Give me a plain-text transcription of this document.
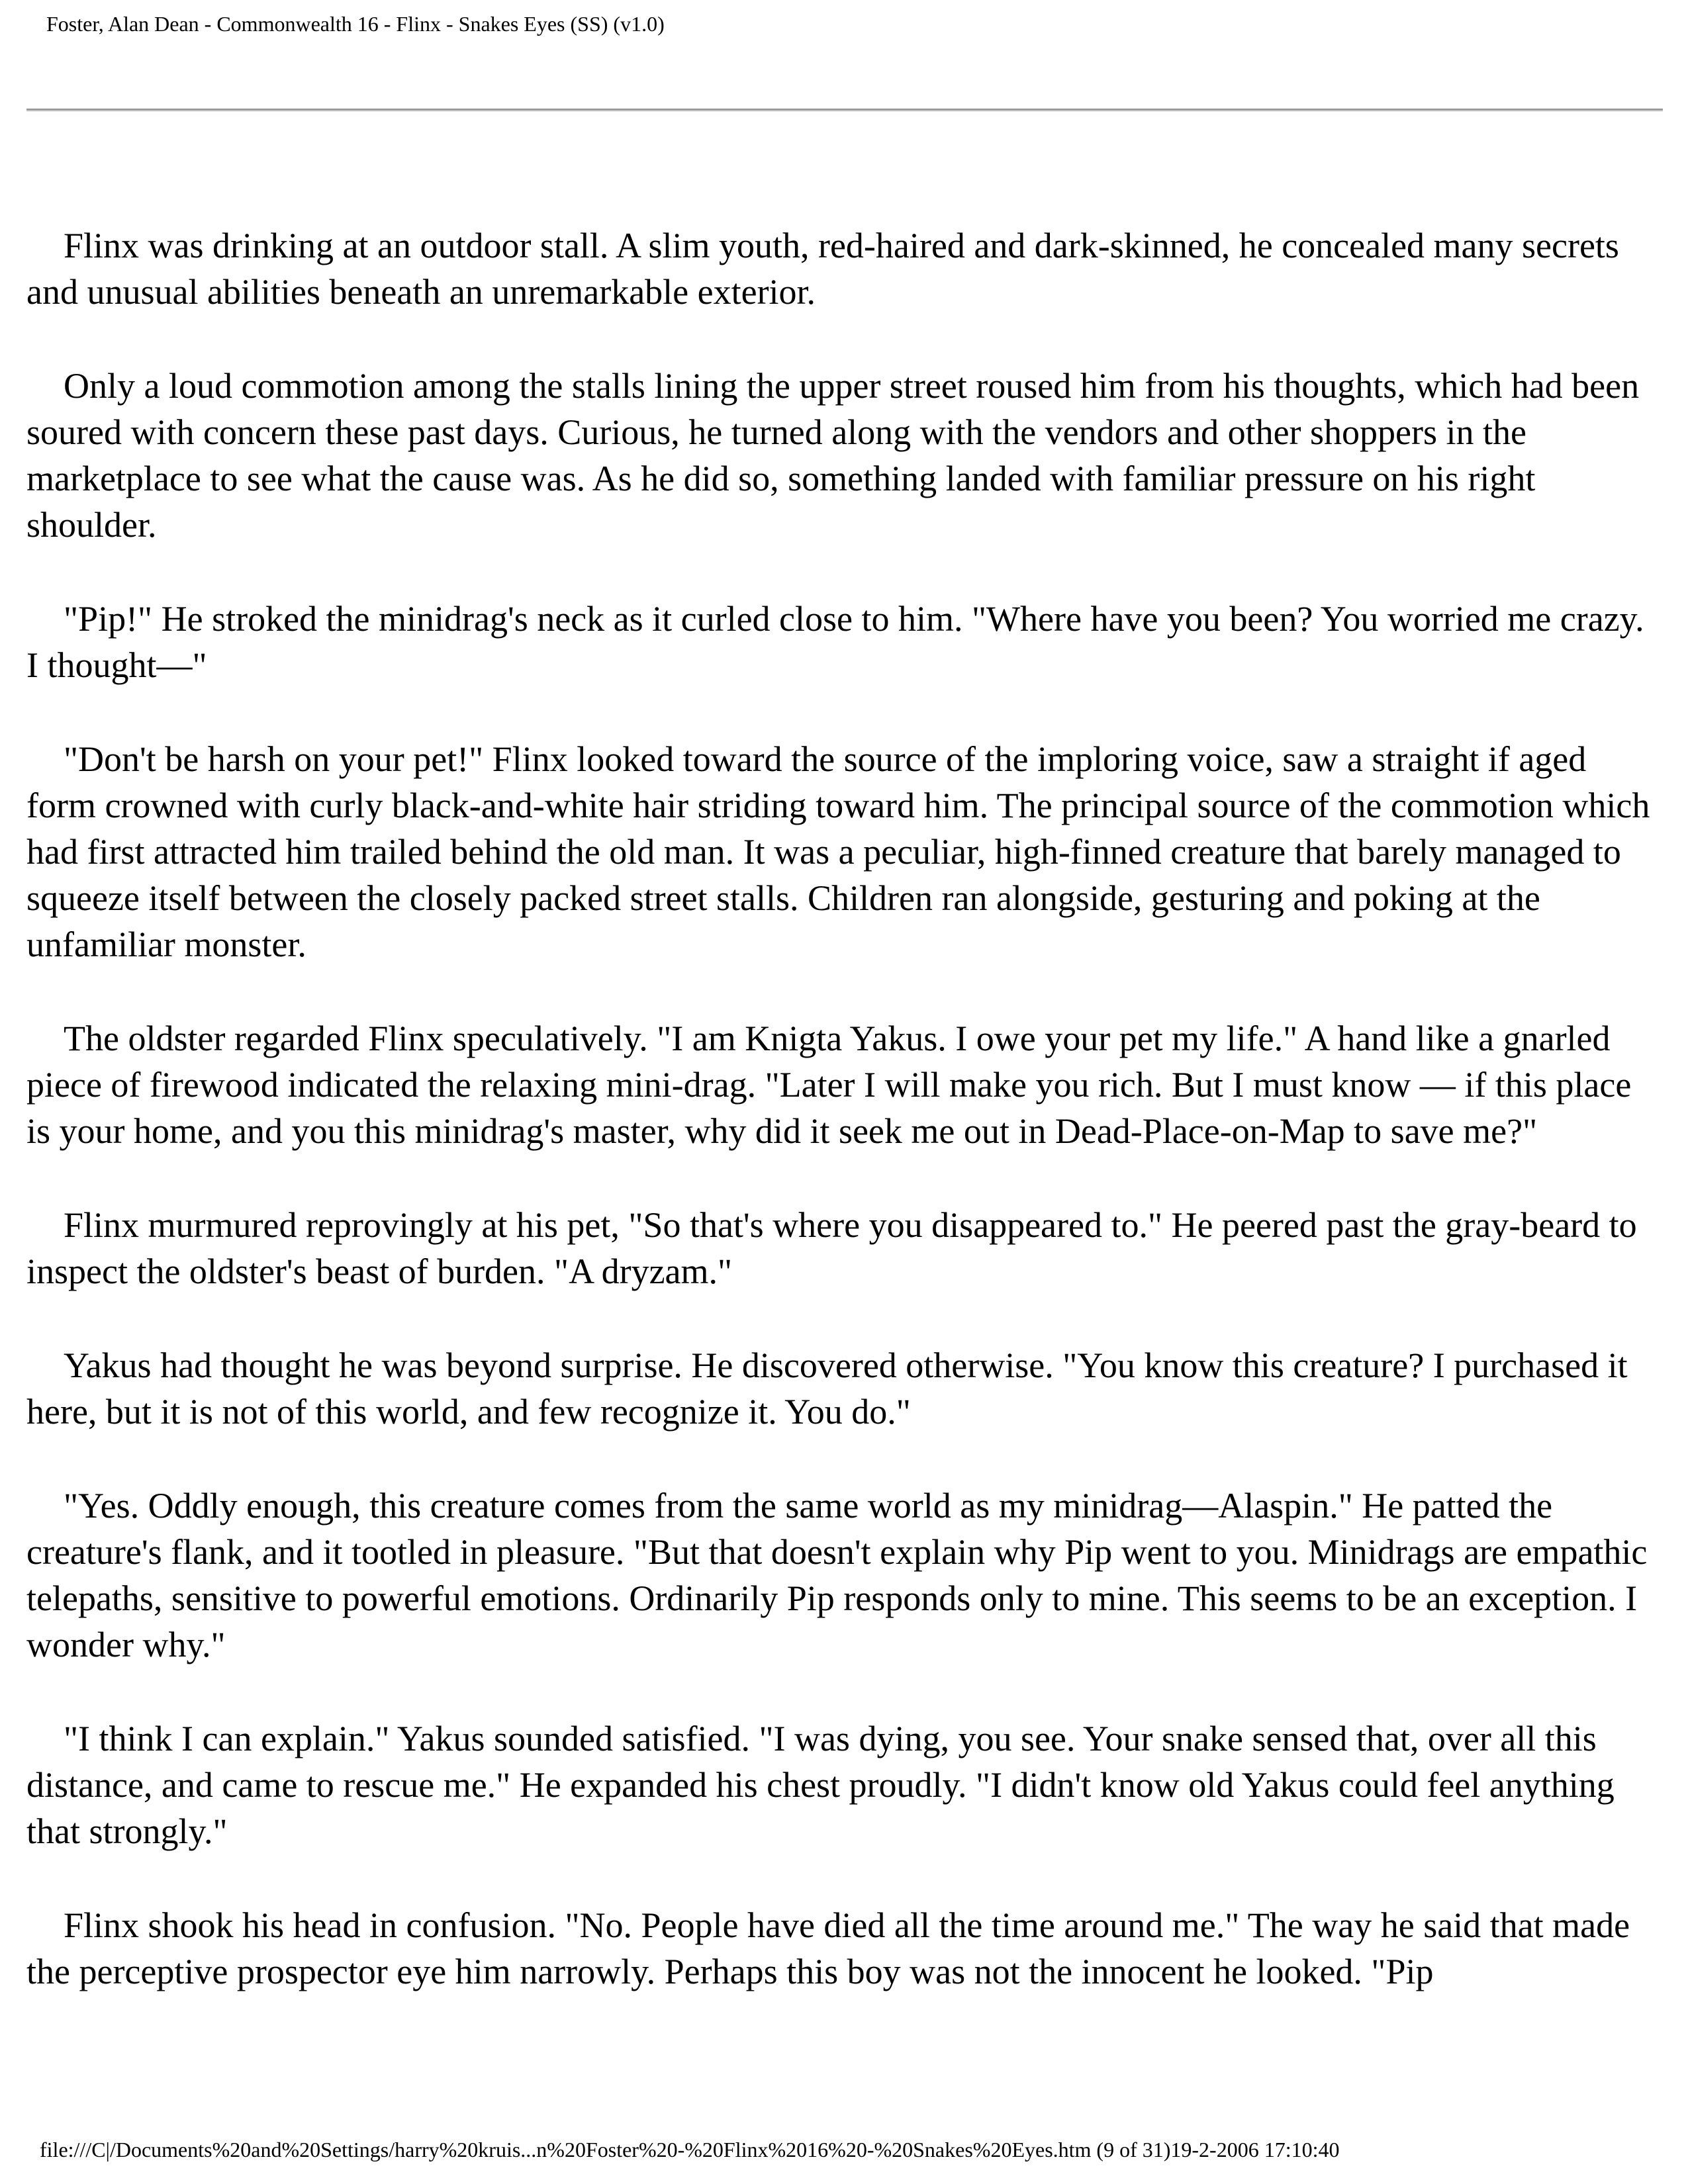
Foster, Alan Dean - Commonwealth 16 - Flinx - Snakes Eyes (SS) (v1.0)

Flinx was drinking at an outdoor stall. A slim youth, red-haired and dark-skinned, he concealed many secrets and unusual abilities beneath an unremarkable exterior.

Only a loud commotion among the stalls lining the upper street roused him from his thoughts, which had been soured with concern these past days. Curious, he turned along with the vendors and other shoppers in the marketplace to see what the cause was. As he did so, something landed with familiar pressure on his right shoulder.

"Pip!" He stroked the minidrag's neck as it curled close to him. "Where have you been? You worried me crazy. I thought—"

"Don't be harsh on your pet!" Flinx looked toward the source of the imploring voice, saw a straight if aged form crowned with curly black-and-white hair striding toward him. The principal source of the commotion which had first attracted him trailed behind the old man. It was a peculiar, high-finned creature that barely managed to squeeze itself between the closely packed street stalls. Children ran alongside, gesturing and poking at the unfamiliar monster.

The oldster regarded Flinx speculatively. "I am Knigta Yakus. I owe your pet my life." A hand like a gnarled piece of firewood indicated the relaxing mini-drag. "Later I will make you rich. But I must know — if this place is your home, and you this minidrag's master, why did it seek me out in Dead-Place-on-Map to save me?"

Flinx murmured reprovingly at his pet, "So that's where you disappeared to." He peered past the gray-beard to inspect the oldster's beast of burden. "A dryzam."

Yakus had thought he was beyond surprise. He discovered otherwise. "You know this creature? I purchased it here, but it is not of this world, and few recognize it. You do."

"Yes. Oddly enough, this creature comes from the same world as my minidrag—Alaspin." He patted the creature's flank, and it tootled in pleasure. "But that doesn't explain why Pip went to you. Minidrags are empathic telepaths, sensitive to powerful emotions. Ordinarily Pip responds only to mine. This seems to be an exception. I wonder why."

"I think I can explain." Yakus sounded satisfied. "I was dying, you see. Your snake sensed that, over all this distance, and came to rescue me." He expanded his chest proudly. "I didn't know old Yakus could feel anything that strongly."

Flinx shook his head in confusion. "No. People have died all the time around me." The way he said that made the perceptive prospector eye him narrowly. Perhaps this boy was not the innocent he looked. "Pip

file:///C|/Documents%20and%20Settings/harry%20kruis...n%20Foster%20-%20Flinx%2016%20-%20Snakes%20Eyes.htm (9 of 31)19-2-2006 17:10:40
